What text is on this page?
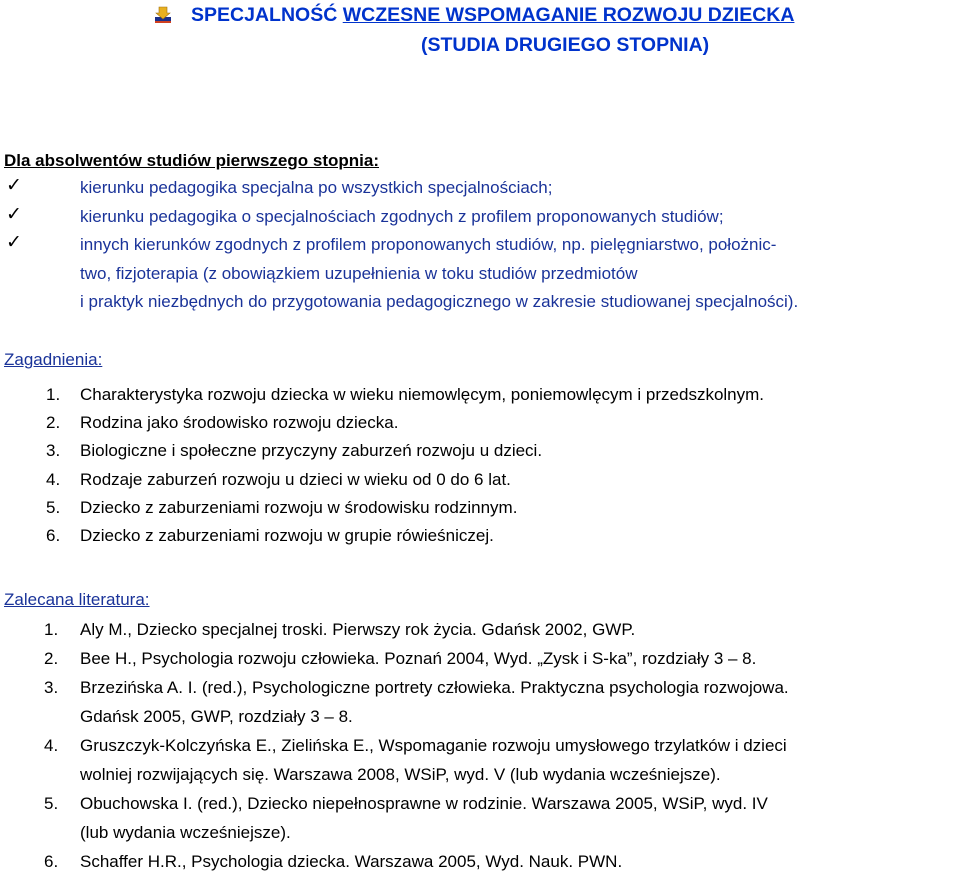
SPECJALNOŚĆ WCZESNE WSPOMAGANIE ROZWOJU DZIECKA
(STUDIA DRUGIEGO STOPNIA)
Dla absolwentów studiów pierwszego stopnia:
✓	kierunku pedagogika specjalna po wszystkich specjalnościach;
✓	kierunku pedagogika o specjalnościach zgodnych z profilem proponowanych studiów;
✓	innych kierunków zgodnych z profilem proponowanych studiów, np. pielęgniarstwo, położnic-
two, fizjoterapia (z obowiązkiem uzupełnienia w toku studiów przedmiotów
i praktyk niezbędnych do przygotowania pedagogicznego w zakresie studiowanej specjalności).
Zagadnienia:
1. Charakterystyka rozwoju dziecka w wieku niemowlęcym, poniemowlęcym i przedszkolnym.
2. Rodzina jako środowisko rozwoju dziecka.
3. Biologiczne i społeczne przyczyny zaburzeń rozwoju u dzieci.
4. Rodzaje zaburzeń rozwoju u dzieci w wieku od 0 do 6 lat.
5. Dziecko z zaburzeniami rozwoju w środowisku rodzinnym.
6. Dziecko z zaburzeniami rozwoju w grupie rówieśniczej.
Zalecana literatura:
1. Aly M., Dziecko specjalnej troski. Pierwszy rok życia. Gdańsk 2002, GWP.
2. Bee H., Psychologia rozwoju człowieka. Poznań 2004, Wyd. „Zysk i S-ka”, rozdziały 3 – 8.
3. Brzezińska A. I. (red.), Psychologiczne portrety człowieka. Praktyczna psychologia rozwojowa.
Gdańsk 2005, GWP, rozdziały 3 – 8.
4. Gruszczyk-Kolczyńska E., Zielińska E., Wspomaganie rozwoju umysłowego trzylatków i dzieci
wolniej rozwijających się. Warszawa 2008, WSiP, wyd. V (lub wydania wcześniejsze).
5. Obuchowska I. (red.), Dziecko niepełnosprawne w rodzinie. Warszawa 2005, WSiP, wyd. IV
(lub wydania wcześniejsze).
6. Schaffer H.R., Psychologia dziecka. Warszawa 2005, Wyd. Nauk. PWN.
